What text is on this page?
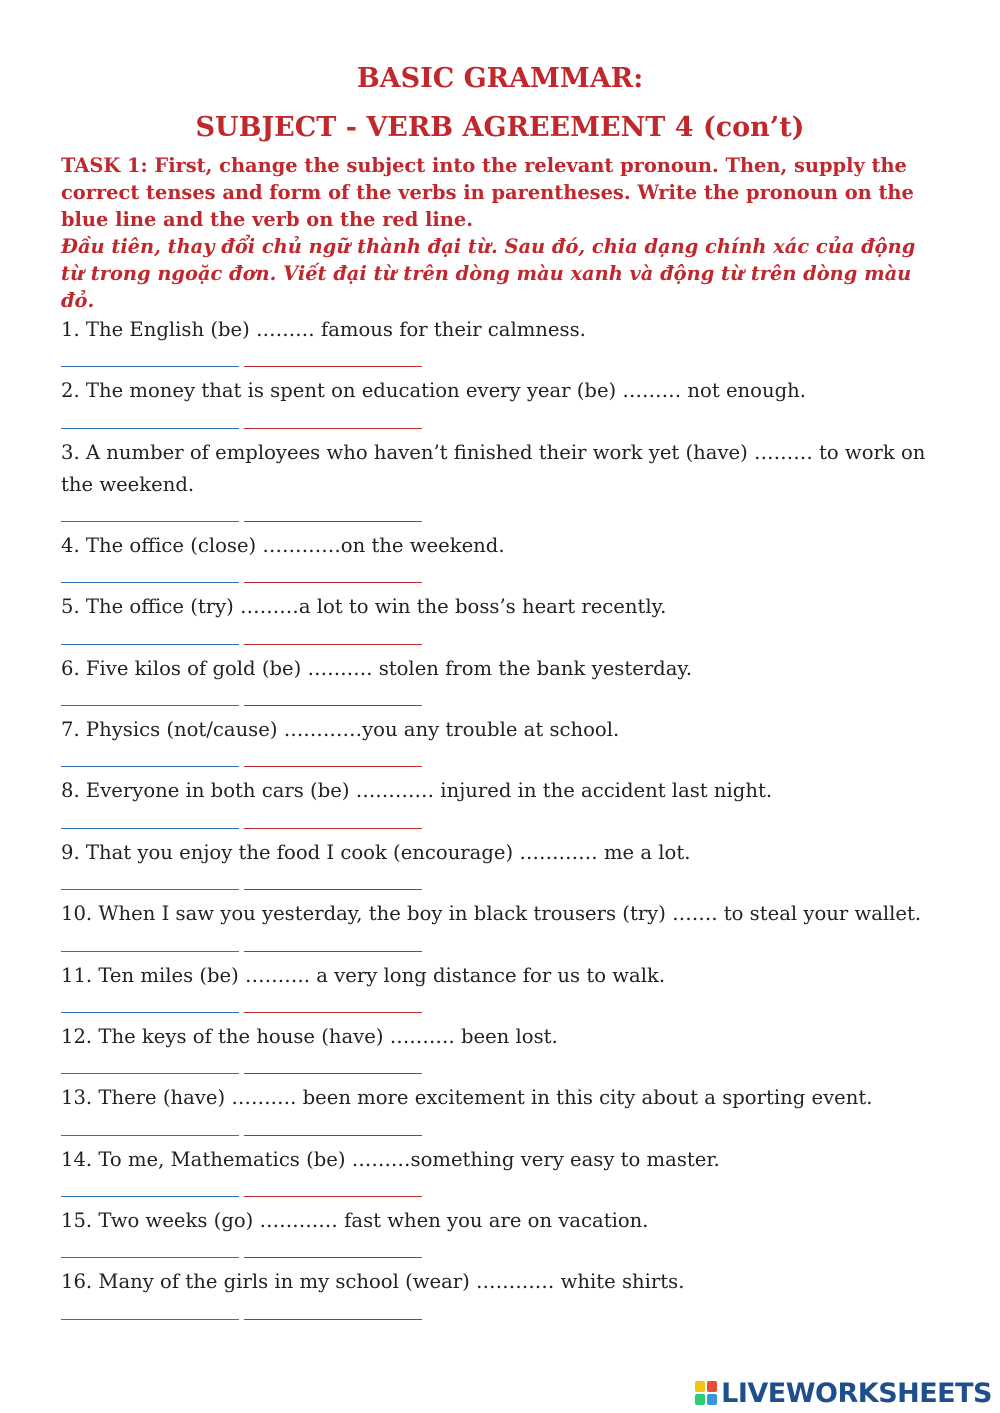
BASIC GRAMMAR:
SUBJECT - VERB AGREEMENT 4 (con’t)

TASK 1: First, change the subject into the relevant pronoun. Then, supply the correct tenses and form of the verbs in parentheses. Write the pronoun on the blue line and the verb on the red line.

Đầu tiên, thay đổi chủ ngữ thành đại từ. Sau đó, chia dạng chính xác của động từ trong ngoặc đơn. Viết đại từ trên dòng màu xanh và động từ trên dòng màu đỏ.

1. The English (be) ……… famous for their calmness.

2. The money that is spent on education every year (be) ……… not enough.

3. A number of employees who haven’t finished their work yet (have) ……… to work on the weekend.

4. The office (close) …………on the weekend.

5. The office (try) ………a lot to win the boss’s heart recently.

6. Five kilos of gold (be) ………. stolen from the bank yesterday.

7. Physics (not/cause) …………you any trouble at school.

8. Everyone in both cars (be) ………… injured in the accident last night.

9. That you enjoy the food I cook (encourage) ………… me a lot.

10. When I saw you yesterday, the boy in black trousers (try) ……. to steal your wallet.

11. Ten miles (be) ………. a very long distance for us to walk.

12. The keys of the house (have) ………. been lost.

13. There (have) ………. been more excitement in this city about a sporting event.

14. To me, Mathematics (be) ………something very easy to master.

15. Two weeks (go) ………… fast when you are on vacation.

16. Many of the girls in my school (wear) ………… white shirts.

LIVEWORKSHEETS
